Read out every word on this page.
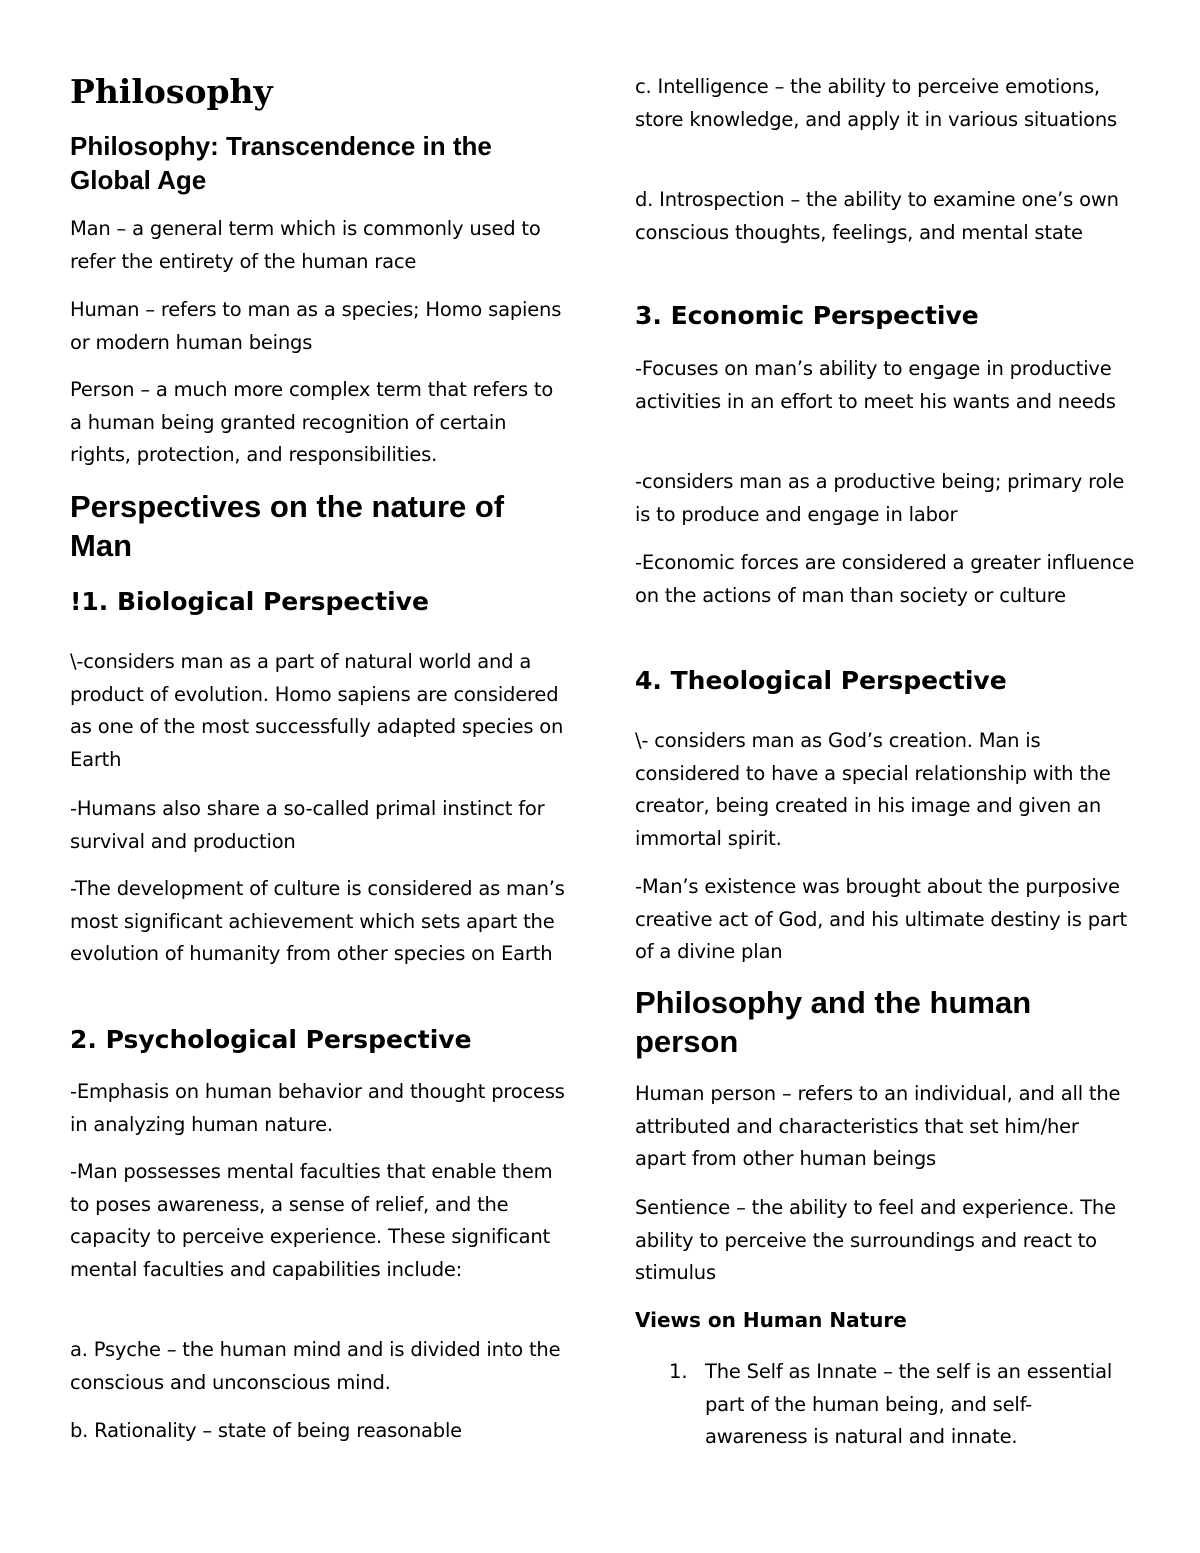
Philosophy
Philosophy: Transcendence in the Global Age

Man – a general term which is commonly used to refer the entirety of the human race

Human – refers to man as a species; Homo sapiens or modern human beings

Person – a much more complex term that refers to a human being granted recognition of certain rights, protection, and responsibilities.

Perspectives on the nature of Man
!1. Biological Perspective

\-considers man as a part of natural world and a product of evolution. Homo sapiens are considered as one of the most successfully adapted species on Earth

-Humans also share a so-called primal instinct for survival and production

-The development of culture is considered as man’s most significant achievement which sets apart the evolution of humanity from other species on Earth

2. Psychological Perspective

-Emphasis on human behavior and thought process in analyzing human nature.

-Man possesses mental faculties that enable them to poses awareness, a sense of relief, and the capacity to perceive experience. These significant mental faculties and capabilities include:

a. Psyche – the human mind and is divided into the conscious and unconscious mind.

b. Rationality – state of being reasonable

c. Intelligence – the ability to perceive emotions, store knowledge, and apply it in various situations

d. Introspection – the ability to examine one’s own conscious thoughts, feelings, and mental state

3. Economic Perspective

-Focuses on man’s ability to engage in productive activities in an effort to meet his wants and needs

-considers man as a productive being; primary role is to produce and engage in labor

-Economic forces are considered a greater influence on the actions of man than society or culture

4. Theological Perspective

\- considers man as God’s creation. Man is considered to have a special relationship with the creator, being created in his image and given an immortal spirit.

-Man’s existence was brought about the purposive creative act of God, and his ultimate destiny is part of a divine plan

Philosophy and the human person

Human person – refers to an individual, and all the attributed and characteristics that set him/her apart from other human beings

Sentience – the ability to feel and experience. The ability to perceive the surroundings and react to stimulus

Views on Human Nature
1. The Self as Innate – the self is an essential part of the human being, and self-awareness is natural and innate.
